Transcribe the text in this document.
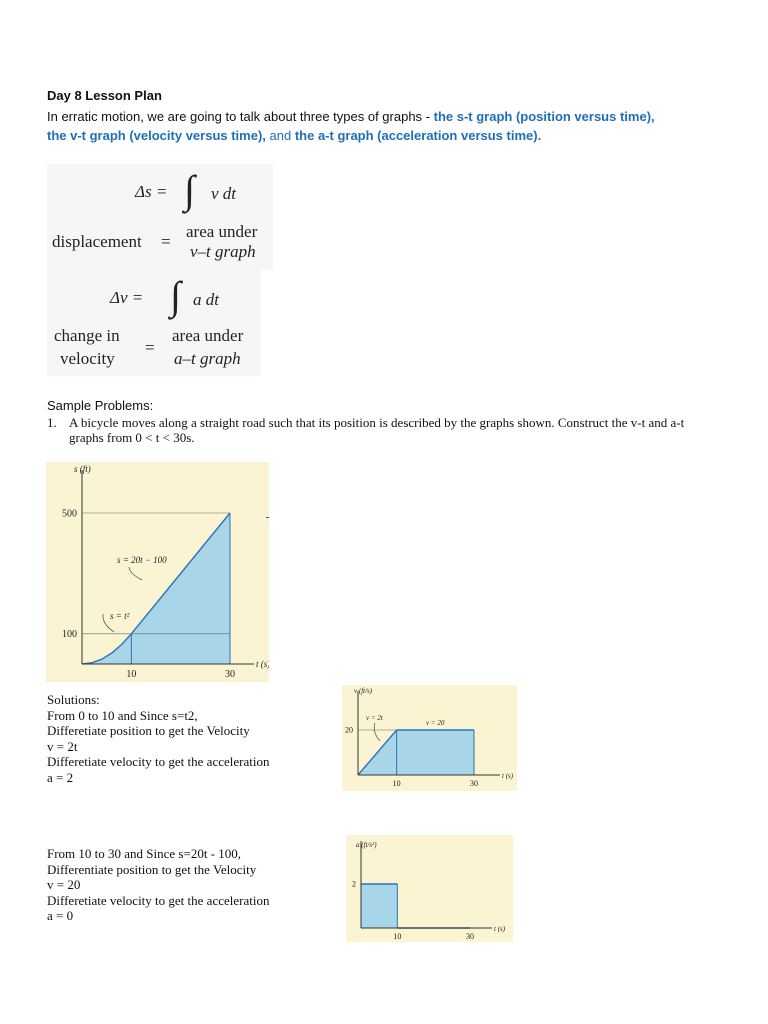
Day 8 Lesson Plan
In erratic motion, we are going to talk about three types of graphs - the s-t graph (position versus time),
the v-t graph (velocity versus time), and the a-t graph (acceleration versus time).
Δs = ∫ v dt
displacement =
area under
v–t graph
Δv = ∫ a dt
change in
velocity
=
area under
a–t graph
Sample Problems:
1. A bicycle moves along a straight road such that its position is described by the graphs shown. Construct the v-t and a-t graphs from 0 < t < 30s.
10	30
100
500
s (ft)
t (s)
s = t²
s = 20t − 100
10	30
20
v (ft/s)
t (s)
v = 2t
v = 20
10	30
2
a (ft/s²)
t (s)
Solutions:
From 0 to 10 and Since s=t2,
Differetiate position to get the Velocity
v = 2t
Differetiate velocity to get the acceleration
a = 2
From 10 to 30 and Since s=20t - 100,
Differentiate position to get the Velocity
v = 20
Differetiate velocity to get the acceleration
a = 0
